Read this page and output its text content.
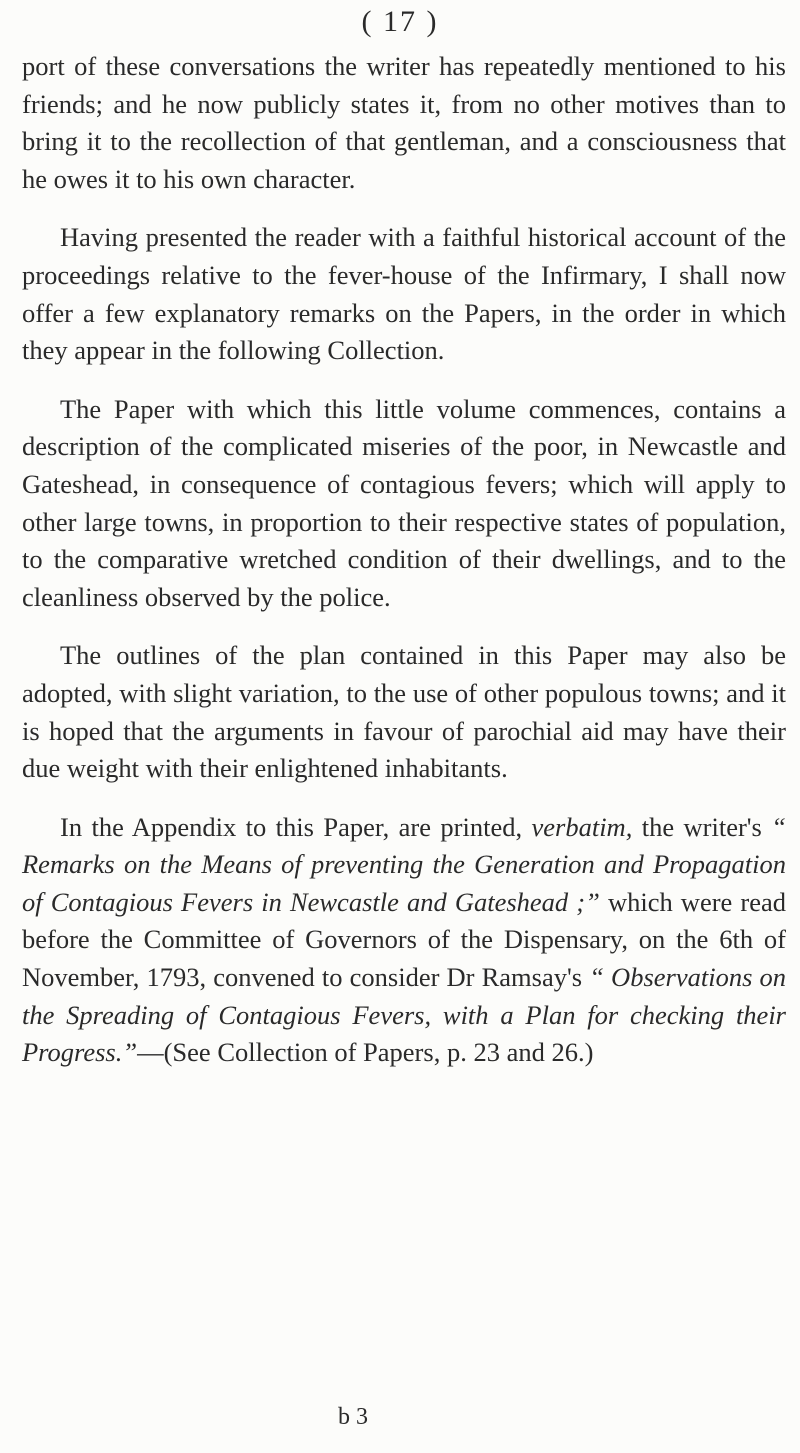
( 17 )

port of these conversations the writer has repeatedly mentioned to his friends; and he now publicly states it, from no other motives than to bring it to the recollection of that gentleman, and a consciousness that he owes it to his own character.

Having presented the reader with a faithful historical account of the proceedings relative to the fever-house of the Infirmary, I shall now offer a few explanatory remarks on the Papers, in the order in which they appear in the following Collection.

The Paper with which this little volume commences, contains a description of the complicated miseries of the poor, in Newcastle and Gateshead, in consequence of contagious fevers; which will apply to other large towns, in proportion to their respective states of population, to the comparative wretched condition of their dwellings, and to the cleanliness observed by the police.

The outlines of the plan contained in this Paper may also be adopted, with slight variation, to the use of other populous towns; and it is hoped that the arguments in favour of parochial aid may have their due weight with their enlightened inhabitants.

In the Appendix to this Paper, are printed, verbatim, the writer's “ Remarks on the Means of preventing the Generation and Propagation of Contagious Fevers in Newcastle and Gateshead ;” which were read before the Committee of Governors of the Dispensary, on the 6th of November, 1793, convened to consider Dr Ramsay's “ Observations on the Spreading of Contagious Fevers, with a Plan for checking their Progress.”—(See Collection of Papers, p. 23 and 26.)

b 3
